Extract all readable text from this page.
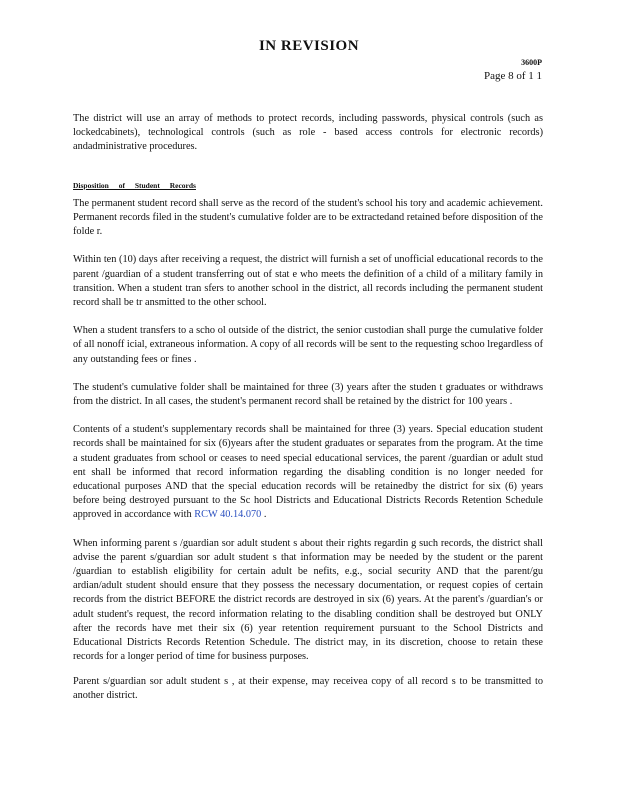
IN REVISION
3600P
Page 8 of 1 1

The district will use an array of methods to protect records, including passwords, physical controls (such as lockedcabinets), technological controls (such as role - based access controls for electronic records) andadministrative procedures.

Disposition of Student Records

The permanent student record shall serve as the record of the student's school his tory and academic achievement. Permanent records filed in the student's cumulative folder are to be extractedand retained before disposition of the folde r.

Within ten (10) days after receiving a request, the district will furnish a set of unofficial educational records to the parent /guardian of a student transferring out of stat e who meets the definition of a child of a military family in transition. When a student tran sfers to another school in the district, all records including the permanent student record shall be tr ansmitted to the other school.

When a student transfers to a scho ol outside of the district, the senior custodian shall purge the cumulative folder of all nonoff icial, extraneous information. A copy of all records will be sent to the requesting schoo lregardless of any outstanding fees or fines .

The student's cumulative folder shall be maintained for three (3) years after the studen t graduates or withdraws from the district. In all cases, the student's permanent record shall be retained by the district for 100 years .

Contents of a student's supplementary records shall be maintained for three (3) years. Special education student records shall be maintained for six (6)years after the student graduates or separates from the program. At the time a student graduates from school or ceases to need special educational services, the parent /guardian or adult stud ent shall be informed that record information regarding the disabling condition is no longer needed for educational purposes AND that the special education records will be retainedby the district for six (6) years before being destroyed pursuant to the Sc hool Districts and Educational Districts Records Retention Schedule approved in accordance with RCW 40.14.070 .

When informing parent s /guardian sor adult student s about their rights regardin g such records, the district shall advise the parent s/guardian sor adult student s that information may be needed by the student or the parent /guardian to establish eligibility for certain adult be nefits, e.g., social security AND that the parent/gu ardian/adult student should ensure that they possess the necessary documentation, or request copies of certain records from the district BEFORE the district records are destroyed in six (6) years. At the parent's /guardian's or adult student's request, the record information relating to the disabling condition shall be destroyed but ONLY after the records have met their six (6) year retention requirement pursuant to the School Districts and Educational Districts Records Retention Schedule. The district may, in its discretion, choose to retain these records for a longer period of time for business purposes.

Parent s/guardian sor adult student s , at their expense, may receivea copy of all record s to be transmitted to another district.
